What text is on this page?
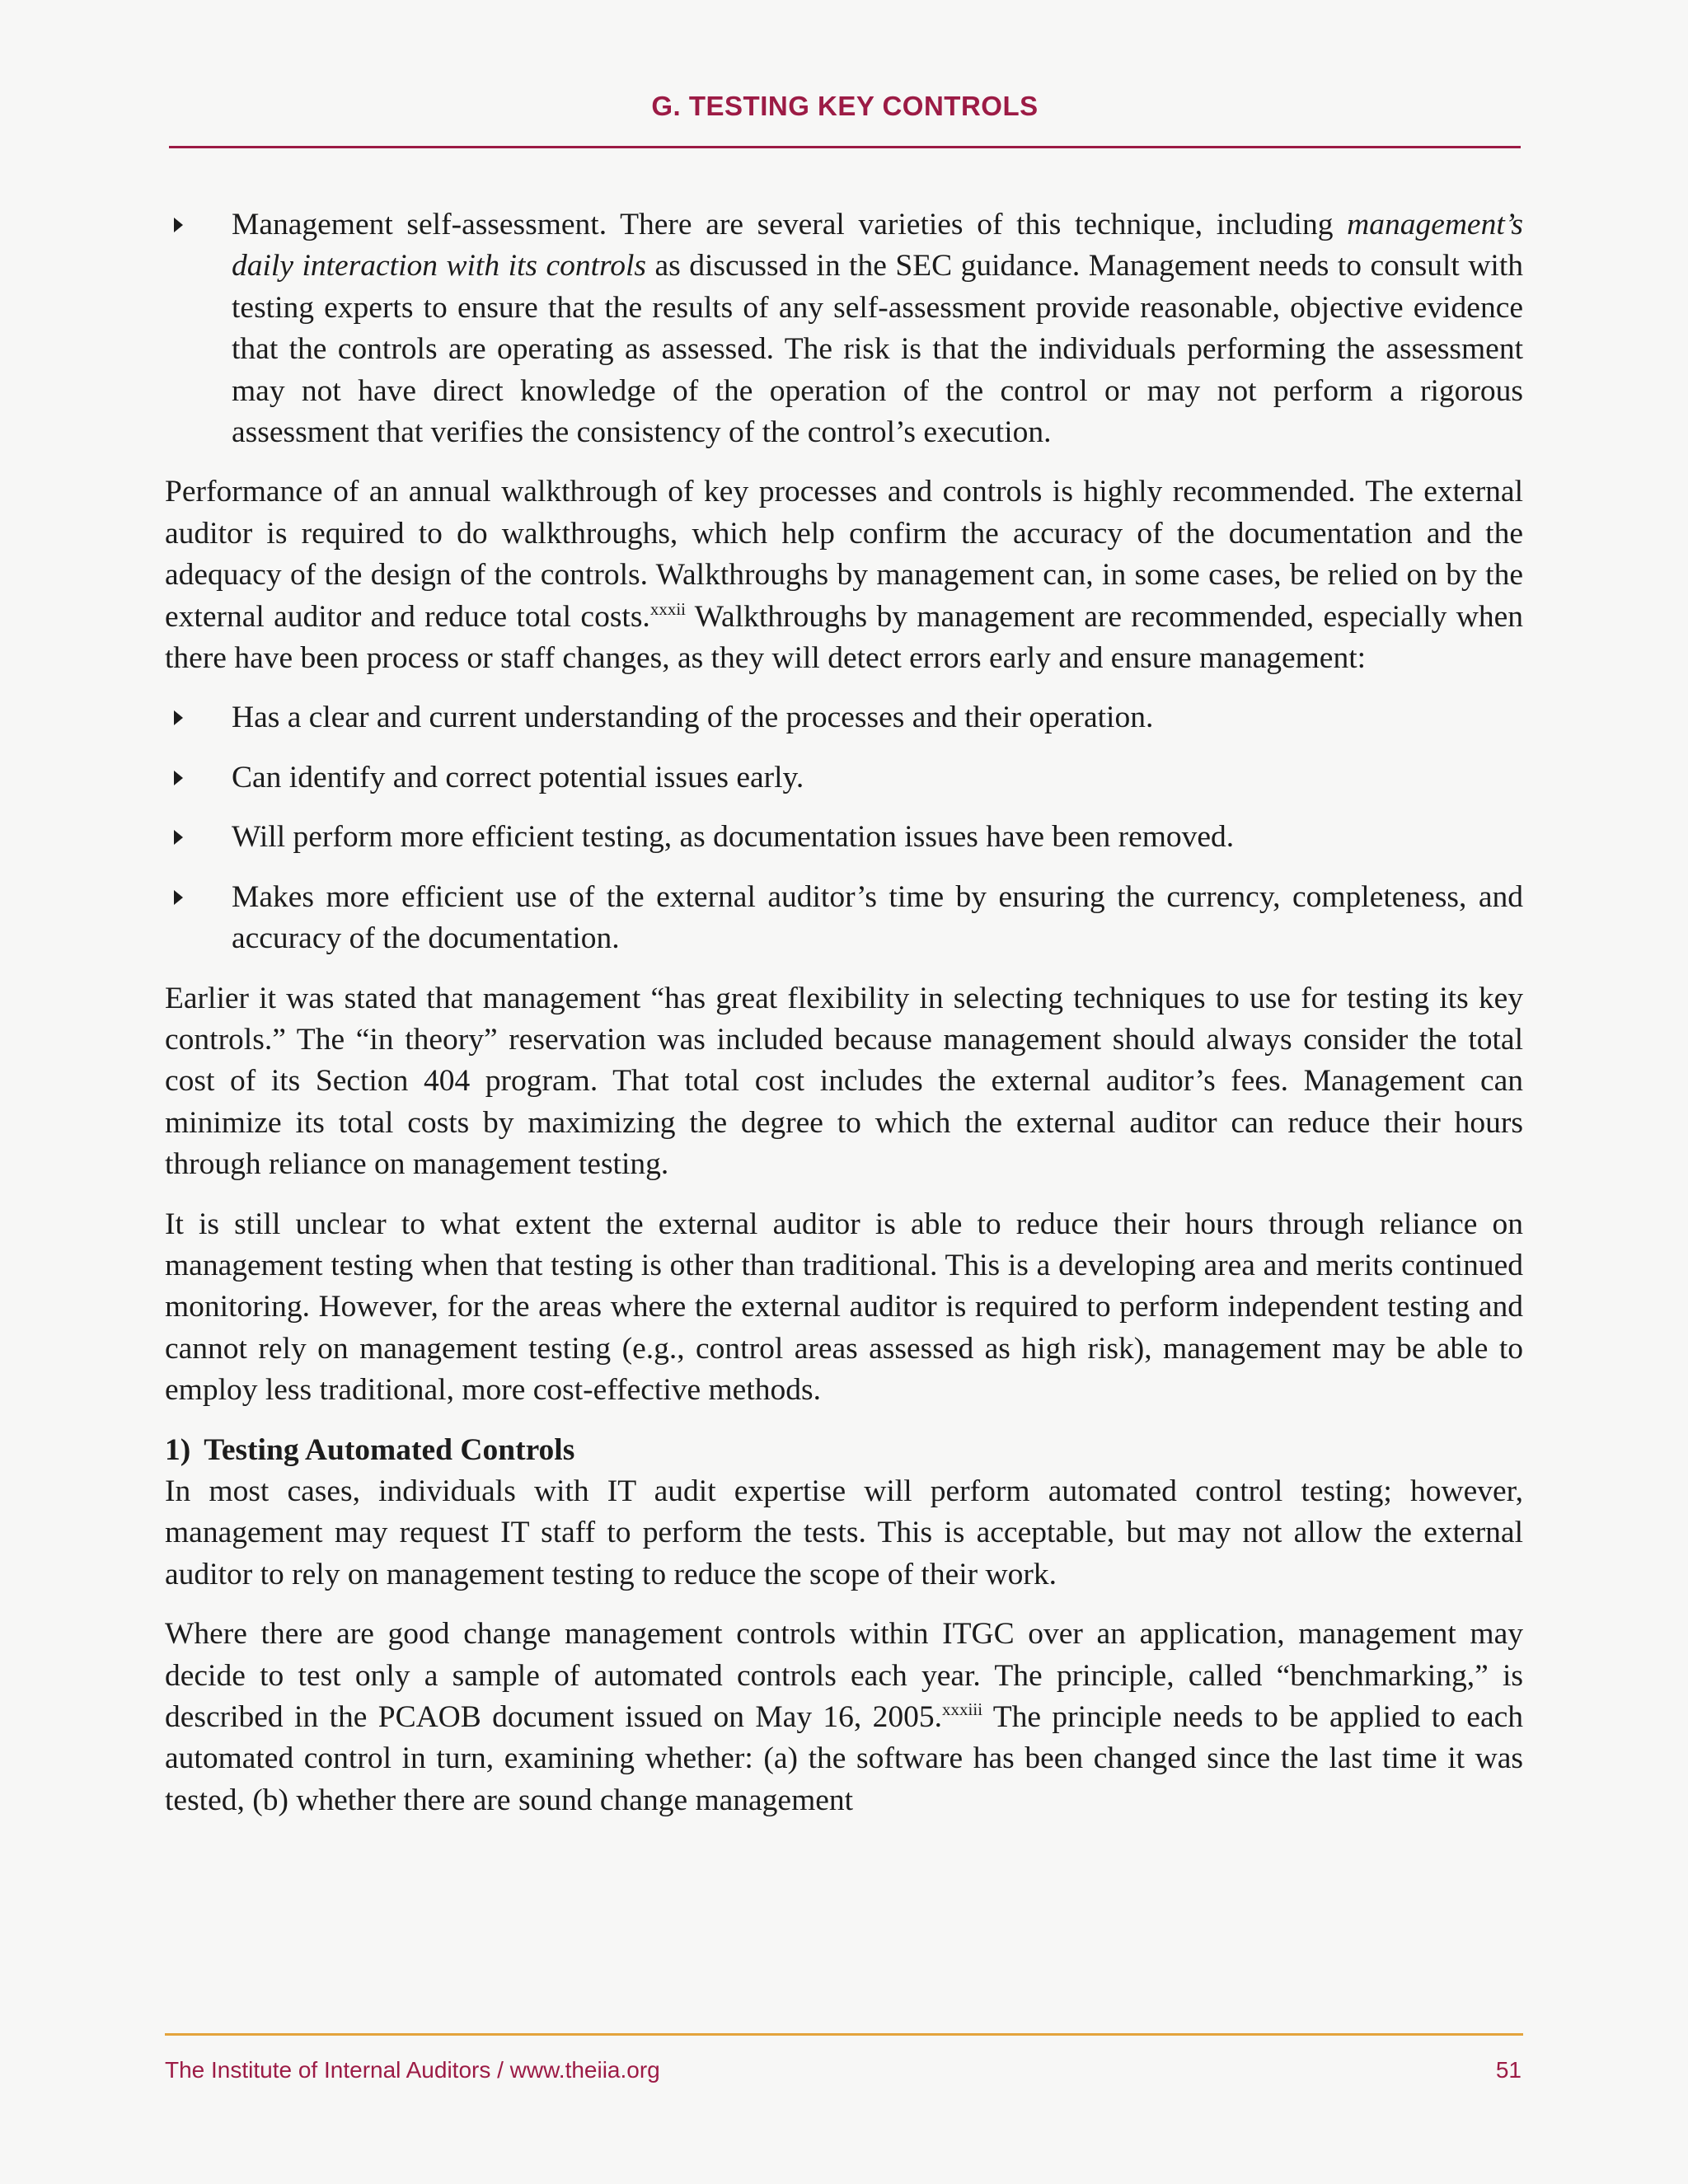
G. TESTING KEY CONTROLS

Management self-assessment. There are several varieties of this technique, including management’s daily interaction with its controls as discussed in the SEC guidance. Management needs to consult with testing experts to ensure that the results of any self-assessment provide reasonable, objective evidence that the controls are operating as assessed. The risk is that the individuals performing the assessment may not have direct knowledge of the operation of the control or may not perform a rigorous assessment that verifies the consistency of the control’s execution.

Performance of an annual walkthrough of key processes and controls is highly recommended. The external auditor is required to do walkthroughs, which help confirm the accuracy of the documentation and the adequacy of the design of the controls. Walkthroughs by management can, in some cases, be relied on by the external auditor and reduce total costs.$^{xxxii}$ Walkthroughs by management are recommended, especially when there have been process or staff changes, as they will detect errors early and ensure management:

Has a clear and current understanding of the processes and their operation.

Can identify and correct potential issues early.

Will perform more efficient testing, as documentation issues have been removed.

Makes more efficient use of the external auditor’s time by ensuring the currency, completeness, and accuracy of the documentation.

Earlier it was stated that management “has great flexibility in selecting techniques to use for testing its key controls.” The “in theory” reservation was included because management should always consider the total cost of its Section 404 program. That total cost includes the external auditor’s fees. Management can minimize its total costs by maximizing the degree to which the external auditor can reduce their hours through reliance on management testing.

It is still unclear to what extent the external auditor is able to reduce their hours through reliance on management testing when that testing is other than traditional. This is a developing area and merits continued monitoring. However, for the areas where the external auditor is required to perform independent testing and cannot rely on management testing (e.g., control areas assessed as high risk), management may be able to employ less traditional, more cost-effective methods.

1) Testing Automated Controls

In most cases, individuals with IT audit expertise will perform automated control testing; however, management may request IT staff to perform the tests. This is acceptable, but may not allow the external auditor to rely on management testing to reduce the scope of their work.

Where there are good change management controls within ITGC over an application, management may decide to test only a sample of automated controls each year. The principle, called “benchmarking,” is described in the PCAOB document issued on May 16, 2005.$^{xxxiii}$ The principle needs to be applied to each automated control in turn, examining whether: (a) the software has been changed since the last time it was tested, (b) whether there are sound change management

The Institute of Internal Auditors / www.theiia.org	51
